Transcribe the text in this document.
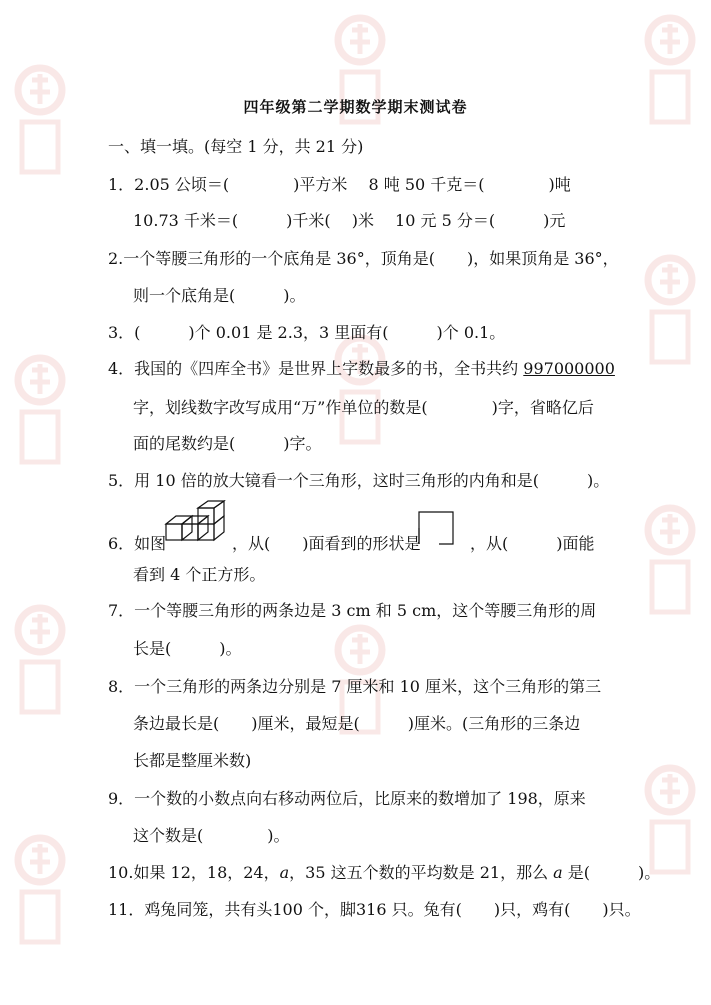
四年级第二学期数学期末测试卷
一、填一填。(每空 1 分，共 21 分)
1．2.05 公顷＝(　　　　)平方米　 8 吨 50 千克＝(　　　　)吨
10.73 千米＝(　　　)千米(　 )米　 10 元 5 分＝(　　　)元
2.一个等腰三角形的一个底角是 36°，顶角是(　　)，如果顶角是 36°，
则一个底角是(　　　)。
3．(　　　)个 0.01 是 2.3，3 里面有(　　　)个 0.1。
4．我国的《四库全书》是世界上字数最多的书，全书共约 997000000
字，划线数字改写成用“万”作单位的数是(　　　　)字，省略亿后
面的尾数约是(　　　)字。
5．用 10 倍的放大镜看一个三角形，这时三角形的内角和是(　　　)。
6．如图	，从(　　)面看到的形状是	，从(　　　)面能
看到 4 个正方形。
7．一个等腰三角形的两条边是 3 cm 和 5 cm，这个等腰三角形的周
长是(　　　)。
8．一个三角形的两条边分别是 7 厘米和 10 厘米，这个三角形的第三
条边最长是(　　)厘米，最短是(　　　)厘米。(三角形的三条边
长都是整厘米数)
9．一个数的小数点向右移动两位后，比原来的数增加了 198，原来
这个数是(　　　　)。
10.如果 12，18，24，a，35 这五个数的平均数是 21，那么 a 是(　　　)。
11．鸡兔同笼，共有头100 个，脚316 只。兔有(　　)只，鸡有(　　)只。
